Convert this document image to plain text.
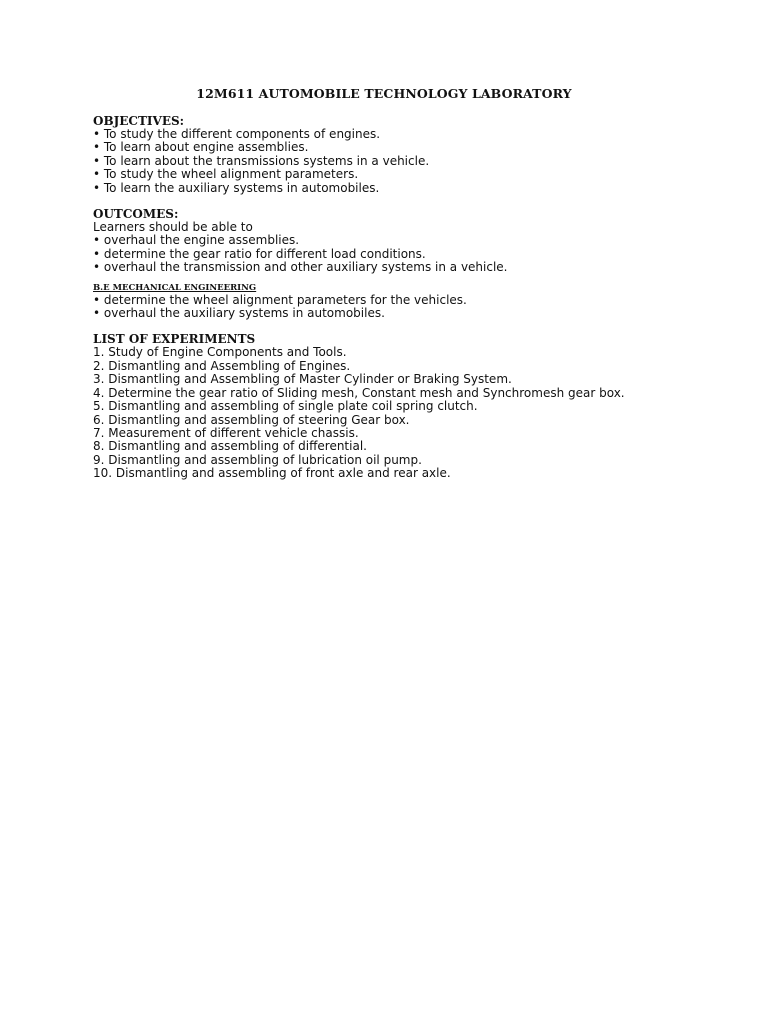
12M611 AUTOMOBILE TECHNOLOGY LABORATORY

OBJECTIVES:

• To study the different components of engines.

• To learn about engine assemblies.

• To learn about the transmissions systems in a vehicle.

• To study the wheel alignment parameters.

• To learn the auxiliary systems in automobiles.

OUTCOMES:

Learners should be able to

• overhaul the engine assemblies.

• determine the gear ratio for different load conditions.

• overhaul the transmission and other auxiliary systems in a vehicle.

B.E MECHANICAL ENGINEERING

• determine the wheel alignment parameters for the vehicles.

• overhaul the auxiliary systems in automobiles.

LIST OF EXPERIMENTS

1. Study of Engine Components and Tools.

2. Dismantling and Assembling of Engines.

3. Dismantling and Assembling of Master Cylinder or Braking System.

4. Determine the gear ratio of Sliding mesh, Constant mesh and Synchromesh gear box.

5. Dismantling and assembling of single plate coil spring clutch.

6. Dismantling and assembling of steering Gear box.

7. Measurement of different vehicle chassis.

8. Dismantling and assembling of differential.

9. Dismantling and assembling of lubrication oil pump.

10. Dismantling and assembling of front axle and rear axle.
